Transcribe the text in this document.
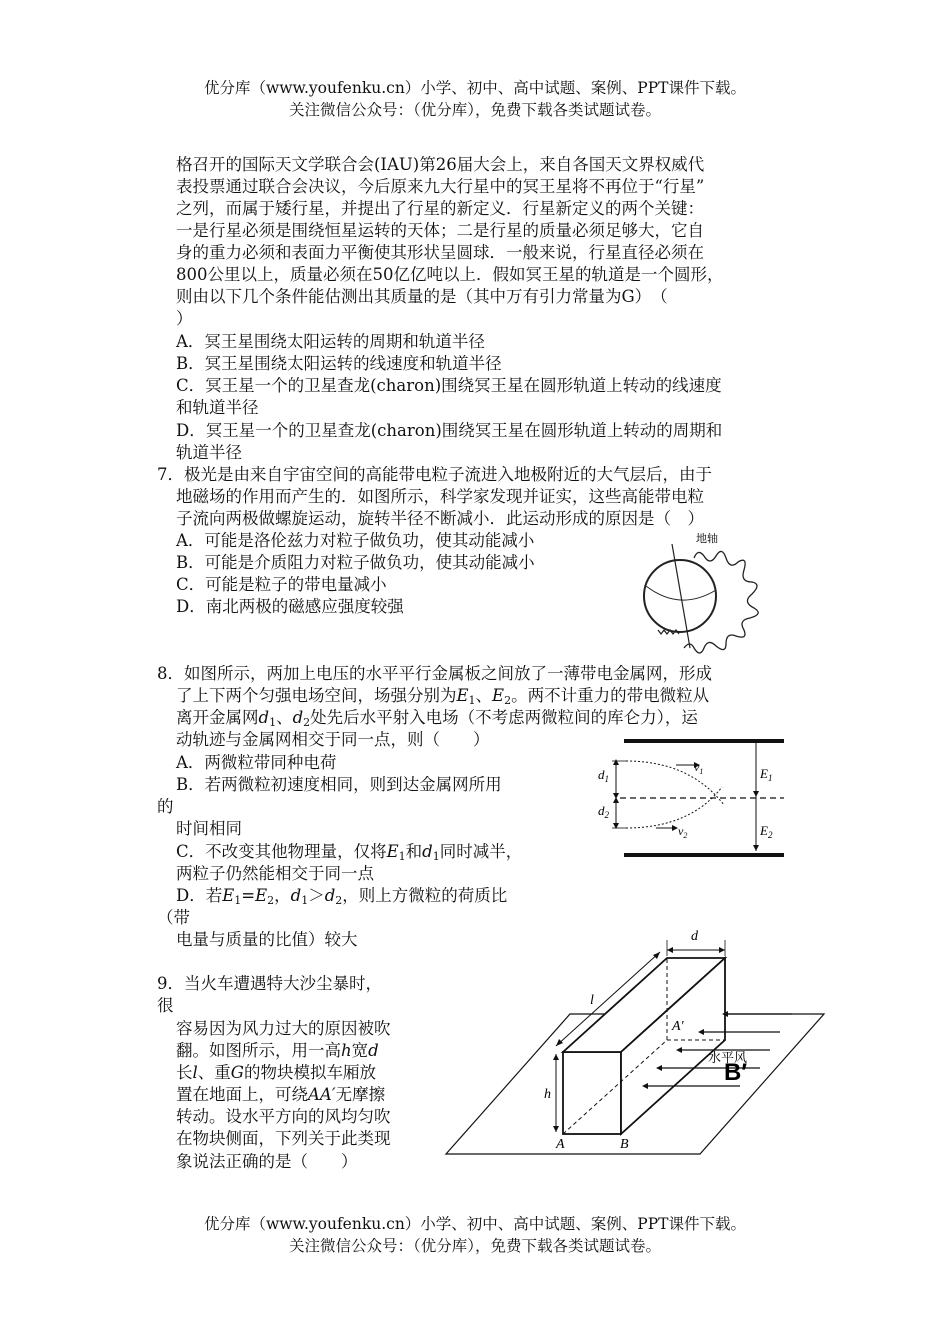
优分库（www.youfenku.cn）小学、初中、高中试题、案例、PPT课件下载。
关注微信公众号：（优分库），免费下载各类试题试卷。
格召开的国际天文学联合会(IAU)第26届大会上，来自各国天文界权威代
表投票通过联合会决议，今后原来九大行星中的冥王星将不再位于“行星”
之列，而属于矮行星，并提出了行星的新定义．行星新定义的两个关键：
一是行星必须是围绕恒星运转的天体；二是行星的质量必须足够大，它自
身的重力必须和表面力平衡使其形状呈圆球．一般来说，行星直径必须在
800公里以上，质量必须在50亿亿吨以上．假如冥王星的轨道是一个圆形，
则由以下几个条件能估测出其质量的是（其中万有引力常量为G）　（
）
A．冥王星围绕太阳运转的周期和轨道半径
B．冥王星围绕太阳运转的线速度和轨道半径
C．冥王星一个的卫星查龙(charon)围绕冥王星在圆形轨道上转动的线速度
和轨道半径
D．冥王星一个的卫星查龙(charon)围绕冥王星在圆形轨道上转动的周期和
轨道半径
7．极光是由来自宇宙空间的高能带电粒子流进入地极附近的大气层后，由于
地磁场的作用而产生的．如图所示，科学家发现并证实，这些高能带电粒
子流向两极做螺旋运动，旋转半径不断减小．此运动形成的原因是（　）
A．可能是洛伦兹力对粒子做负功，使其动能减小
B．可能是介质阻力对粒子做负功，使其动能减小
C．可能是粒子的带电量减小
D．南北两极的磁感应强度较强
地轴
8．如图所示，两加上电压的水平平行金属板之间放了一薄带电金属网，形成
了上下两个匀强电场空间，场强分别为$E_1$、$E_2$。两不计重力的带电微粒从
离开金属网$d_1$、$d_2$处先后水平射入电场（不考虑两微粒间的库仑力），运
动轨迹与金属网相交于同一点，则（　　）
A．两微粒带同种电荷
B．若两微粒初速度相同，则到达金属网所用
的
时间相同
C．不改变其他物理量，仅将$E_1$和$d_1$同时减半，
两粒子仍然能相交于同一点
D．若$E_1=E_2$，$d_1>d_2$，则上方微粒的荷质比
（带
电量与质量的比值）较大
$d_1$
$d_2$
$v_1$
$v_2$
$E_1$
$E_2$
9．当火车遭遇特大沙尘暴时，
很
容易因为风力过大的原因被吹
翻。如图所示，用一高h宽d
长l、重G的物块模拟车厢放
置在地面上，可绕AA′无摩擦
转动。设水平方向的风均匀吹
在物块侧面，下列关于此类现
象说法正确的是（　　）
d
l
h
A	B
A′
水平风
B′
优分库（www.youfenku.cn）小学、初中、高中试题、案例、PPT课件下载。
关注微信公众号：（优分库），免费下载各类试题试卷。
